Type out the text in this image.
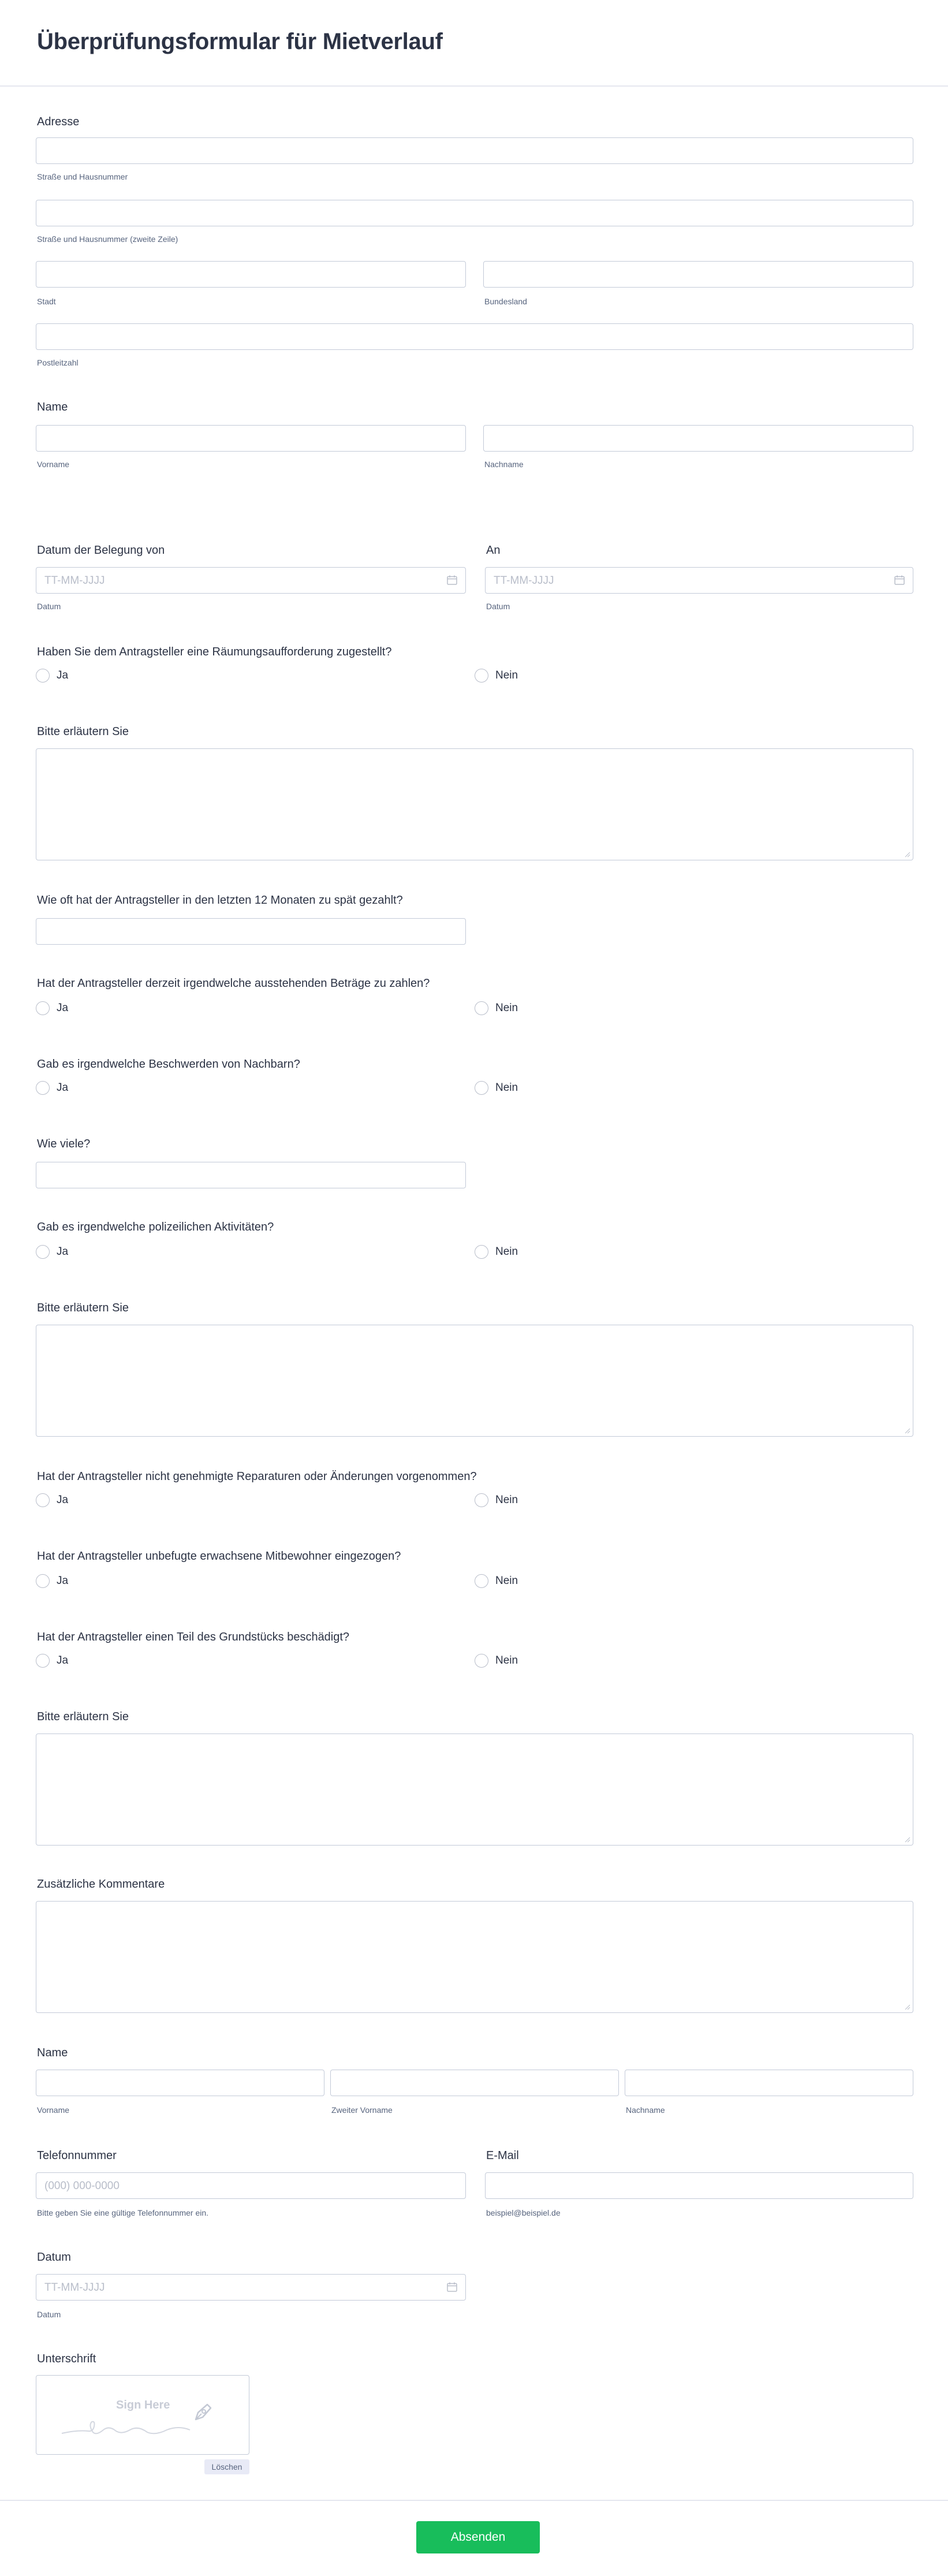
Überprüfungsformular für Mietverlauf
Adresse
Straße und Hausnummer
Straße und Hausnummer (zweite Zeile)
Stadt	Bundesland
Postleitzahl
Name
Vorname	Nachname
Datum der Belegung von
TT-MM-JJJJ
Datum
An
TT-MM-JJJJ
Datum
Haben Sie dem Antragsteller eine Räumungsaufforderung zugestellt?
Ja	Nein
Bitte erläutern Sie
Wie oft hat der Antragsteller in den letzten 12 Monaten zu spät gezahlt?
Hat der Antragsteller derzeit irgendwelche ausstehenden Beträge zu zahlen?
Ja	Nein
Gab es irgendwelche Beschwerden von Nachbarn?
Ja	Nein
Wie viele?
Gab es irgendwelche polizeilichen Aktivitäten?
Ja	Nein
Bitte erläutern Sie
Hat der Antragsteller nicht genehmigte Reparaturen oder Änderungen vorgenommen?
Ja	Nein
Hat der Antragsteller unbefugte erwachsene Mitbewohner eingezogen?
Ja	Nein
Hat der Antragsteller einen Teil des Grundstücks beschädigt?
Ja	Nein
Bitte erläutern Sie
Zusätzliche Kommentare
Name
Vorname	Zweiter Vorname	Nachname
Telefonnummer
(000) 000-0000
Bitte geben Sie eine gültige Telefonnummer ein.
E-Mail
beispiel@beispiel.de
Datum
TT-MM-JJJJ
Datum
Unterschrift
Sign Here
Löschen
Absenden
